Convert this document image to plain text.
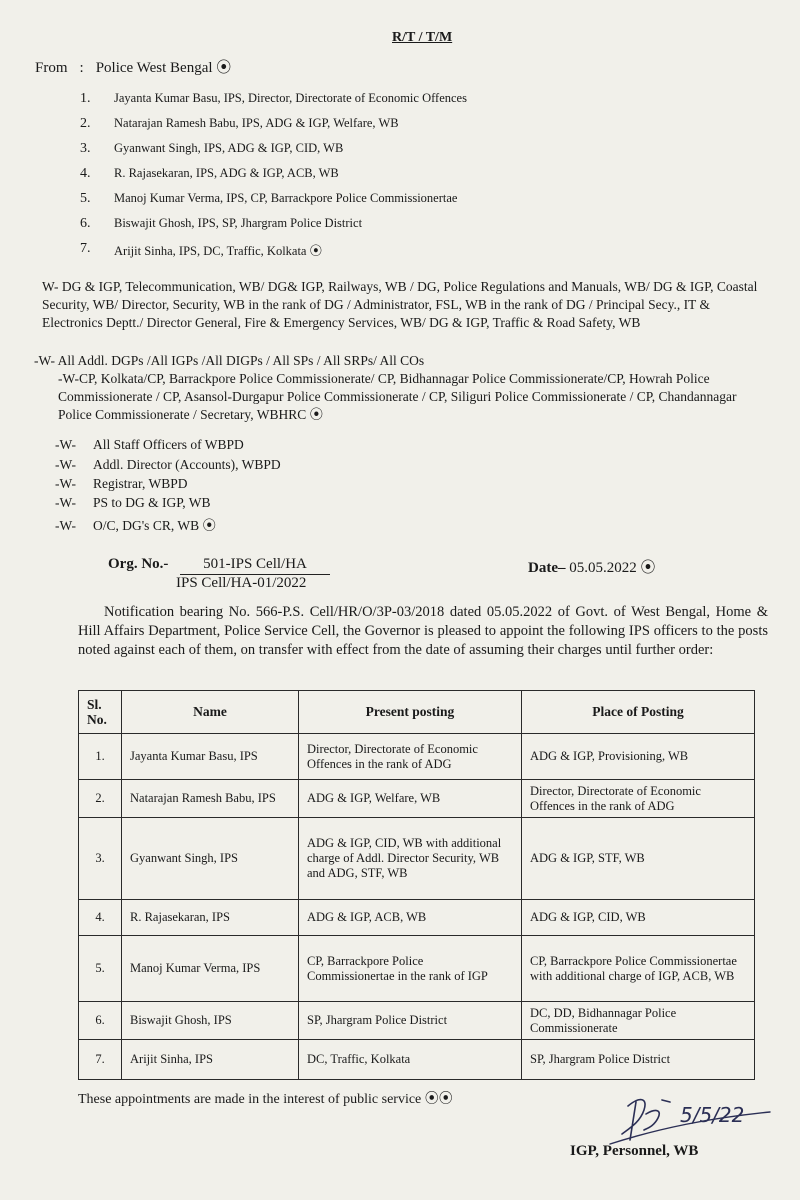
R/T / T/M
From : Police West Bengal ⦿
1.	Jayanta Kumar Basu, IPS, Director, Directorate of Economic Offences
2.	Natarajan Ramesh Babu, IPS, ADG & IGP, Welfare, WB
3.	Gyanwant Singh, IPS, ADG & IGP, CID, WB
4.	R. Rajasekaran, IPS, ADG & IGP, ACB, WB
5.	Manoj Kumar Verma, IPS, CP, Barrackpore Police Commissionertae
6.	Biswajit Ghosh, IPS, SP, Jhargram Police District
7.	Arijit Sinha, IPS, DC, Traffic, Kolkata ⦿
W- DG & IGP, Telecommunication, WB/ DG& IGP, Railways, WB / DG, Police Regulations and Manuals, WB/ DG & IGP, Coastal Security, WB/ Director, Security, WB in the rank of DG / Administrator, FSL, WB in the rank of DG / Principal Secy., IT & Electronics Deptt./ Director General, Fire & Emergency Services, WB/ DG & IGP, Traffic & Road Safety, WB
-W- All Addl. DGPs /All IGPs /All DIGPs / All SPs / All SRPs/ All COs
-W-CP, Kolkata/CP, Barrackpore Police Commissionerate/ CP, Bidhannagar Police Commissionerate/CP, Howrah Police Commissionerate / CP, Asansol-Durgapur Police Commissionerate / CP, Siliguri Police Commissionerate / CP, Chandannagar Police Commissionerate / Secretary, WBHRC ⦿
-W- All Staff Officers of WBPD
-W- Addl. Director (Accounts), WBPD
-W- Registrar, WBPD
-W- PS to DG & IGP, WB
-W- O/C, DG's CR, WB ⦿
Org. No.-	501-IPS Cell/HA
IPS Cell/HA-01/2022
Date– 05.05.2022 ⦿
Notification bearing No. 566-P.S. Cell/HR/O/3P-03/2018 dated 05.05.2022 of Govt. of West Bengal, Home & Hill Affairs Department, Police Service Cell, the Governor is pleased to appoint the following IPS officers to the posts noted against each of them, on transfer with effect from the date of assuming their charges until further order:
Sl. No.	Name	Present posting	Place of Posting
1.	Jayanta Kumar Basu, IPS	Director, Directorate of Economic Offences in the rank of ADG	ADG & IGP, Provisioning, WB
2.	Natarajan Ramesh Babu, IPS	ADG & IGP, Welfare, WB	Director, Directorate of Economic Offences in the rank of ADG
3.	Gyanwant Singh, IPS	ADG & IGP, CID, WB with additional charge of Addl. Director Security, WB and ADG, STF, WB	ADG & IGP, STF, WB
4.	R. Rajasekaran, IPS	ADG & IGP, ACB, WB	ADG & IGP, CID, WB
5.	Manoj Kumar Verma, IPS	CP, Barrackpore Police Commissionertae in the rank of IGP	CP, Barrackpore Police Commissionertae with additional charge of IGP, ACB, WB
6.	Biswajit Ghosh, IPS	SP, Jhargram Police District	DC, DD, Bidhannagar Police Commissionerate
7.	Arijit Sinha, IPS	DC, Traffic, Kolkata	SP, Jhargram Police District
These appointments are made in the interest of public service ⦿⦿
5/5/22
IGP, Personnel, WB
